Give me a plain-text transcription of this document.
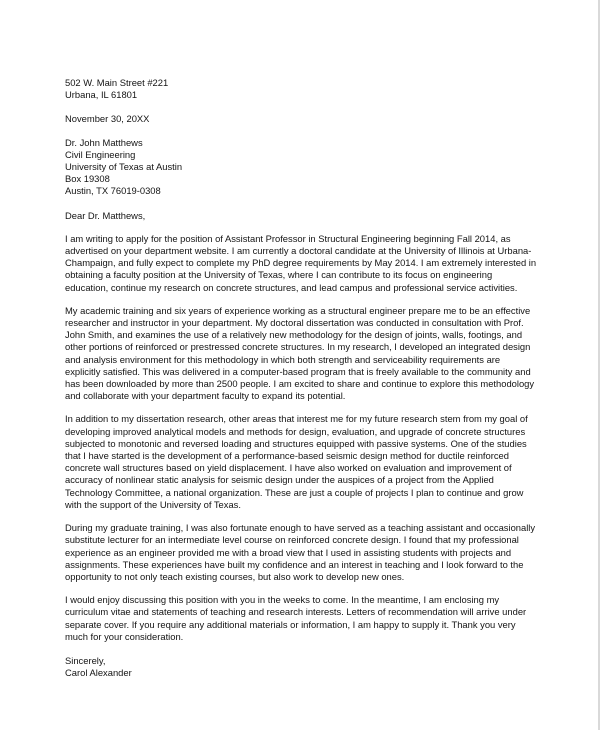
502 W. Main Street #221
Urbana, IL 61801
November 30, 20XX
Dr. John Matthews
Civil Engineering
University of Texas at Austin
Box 19308
Austin, TX 76019-0308
Dear Dr. Matthews,
I am writing to apply for the position of Assistant Professor in Structural Engineering beginning Fall 2014, as
advertised on your department website. I am currently a doctoral candidate at the University of Illinois at Urbana-
Champaign, and fully expect to complete my PhD degree requirements by May 2014. I am extremely interested in
obtaining a faculty position at the University of Texas, where I can contribute to its focus on engineering
education, continue my research on concrete structures, and lead campus and professional service activities.
My academic training and six years of experience working as a structural engineer prepare me to be an effective
researcher and instructor in your department. My doctoral dissertation was conducted in consultation with Prof.
John Smith, and examines the use of a relatively new methodology for the design of joints, walls, footings, and
other portions of reinforced or prestressed concrete structures. In my research, I developed an integrated design
and analysis environment for this methodology in which both strength and serviceability requirements are
explicitly satisfied. This was delivered in a computer-based program that is freely available to the community and
has been downloaded by more than 2500 people. I am excited to share and continue to explore this methodology
and collaborate with your department faculty to expand its potential.
In addition to my dissertation research, other areas that interest me for my future research stem from my goal of
developing improved analytical models and methods for design, evaluation, and upgrade of concrete structures
subjected to monotonic and reversed loading and structures equipped with passive systems. One of the studies
that I have started is the development of a performance-based seismic design method for ductile reinforced
concrete wall structures based on yield displacement. I have also worked on evaluation and improvement of
accuracy of nonlinear static analysis for seismic design under the auspices of a project from the Applied
Technology Committee, a national organization. These are just a couple of projects I plan to continue and grow
with the support of the University of Texas.
During my graduate training, I was also fortunate enough to have served as a teaching assistant and occasionally
substitute lecturer for an intermediate level course on reinforced concrete design. I found that my professional
experience as an engineer provided me with a broad view that I used in assisting students with projects and
assignments. These experiences have built my confidence and an interest in teaching and I look forward to the
opportunity to not only teach existing courses, but also work to develop new ones.
I would enjoy discussing this position with you in the weeks to come. In the meantime, I am enclosing my
curriculum vitae and statements of teaching and research interests. Letters of recommendation will arrive under
separate cover. If you require any additional materials or information, I am happy to supply it. Thank you very
much for your consideration.
Sincerely,
Carol Alexander
